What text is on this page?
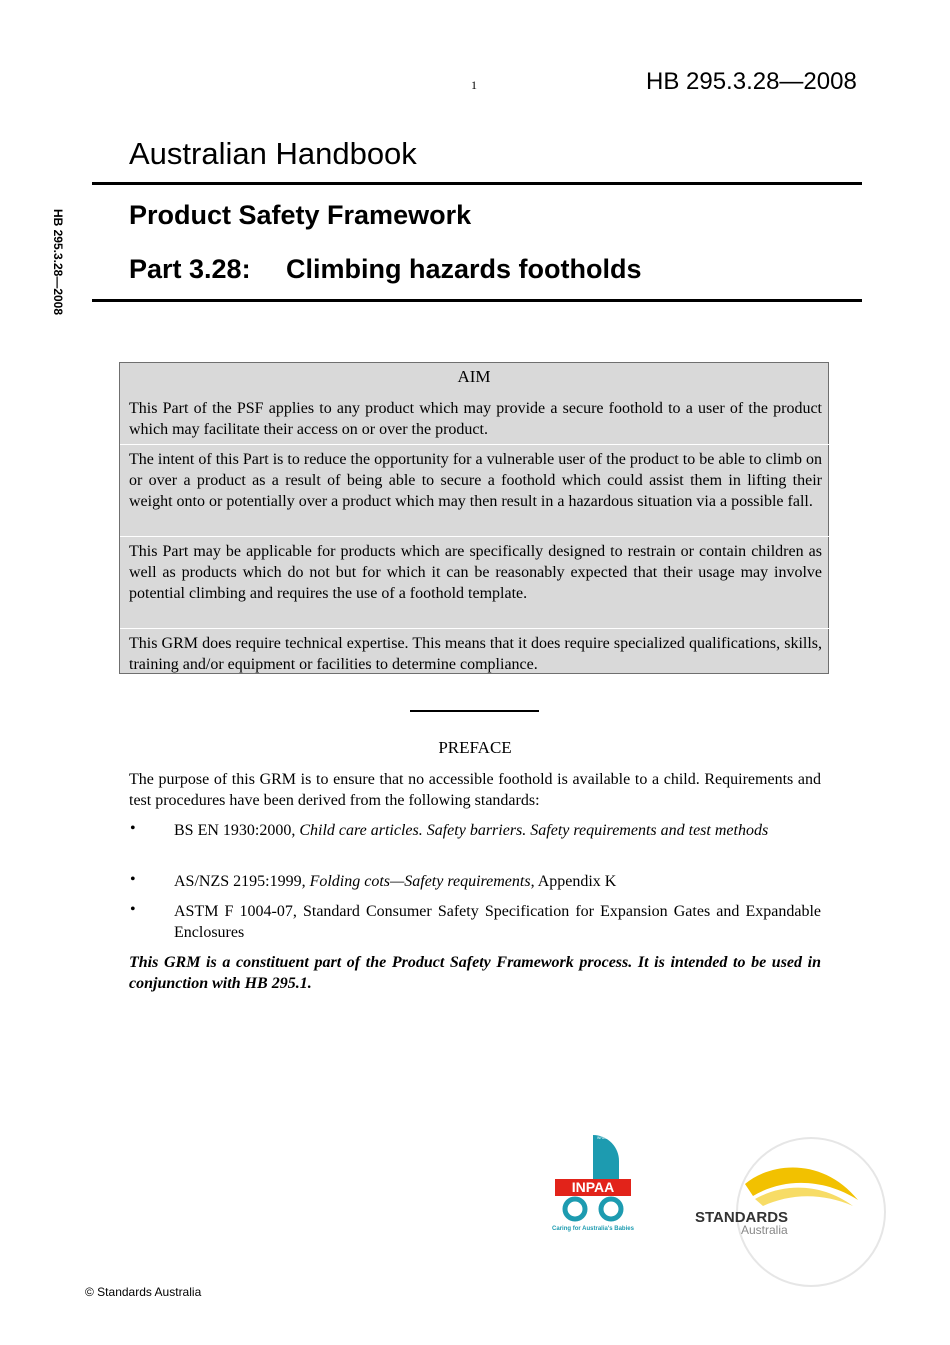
1	HB 295.3.28—2008
HB 295.3.28—2008
Australian Handbook
Product Safety Framework
Part 3.28: Climbing hazards footholds
AIM

This Part of the PSF applies to any product which may provide a secure foothold to a user of the product which may facilitate their access on or over the product.

The intent of this Part is to reduce the opportunity for a vulnerable user of the product to be able to climb on or over a product as a result of being able to secure a foothold which could assist them in lifting their weight onto or potentially over a product which may then result in a hazardous situation via a possible fall.

This Part may be applicable for products which are specifically designed to restrain or contain children as well as products which do not but for which it can be reasonably expected that their usage may involve potential climbing and requires the use of a foothold template.

This GRM does require technical expertise. This means that it does require specialized qualifications, skills, training and/or equipment or facilities to determine compliance.

PREFACE

The purpose of this GRM is to ensure that no accessible foothold is available to a child. Requirements and test procedures have been derived from the following standards:

• BS EN 1930:2000, Child care articles. Safety barriers. Safety requirements and test methods

• AS/NZS 2195:1999, Folding cots—Safety requirements, Appendix K

• ASTM F 1004-07, Standard Consumer Safety Specification for Expansion Gates and Expandable Enclosures

This GRM is a constituent part of the Product Safety Framework process. It is intended to be used in conjunction with HB 295.1.

INPAA
INFANT & NURSERY PRODUCTS ASSOCIATION OF AUSTRALIA
Caring for Australia's Babies
STANDARDS
Australia
© Standards Australia
